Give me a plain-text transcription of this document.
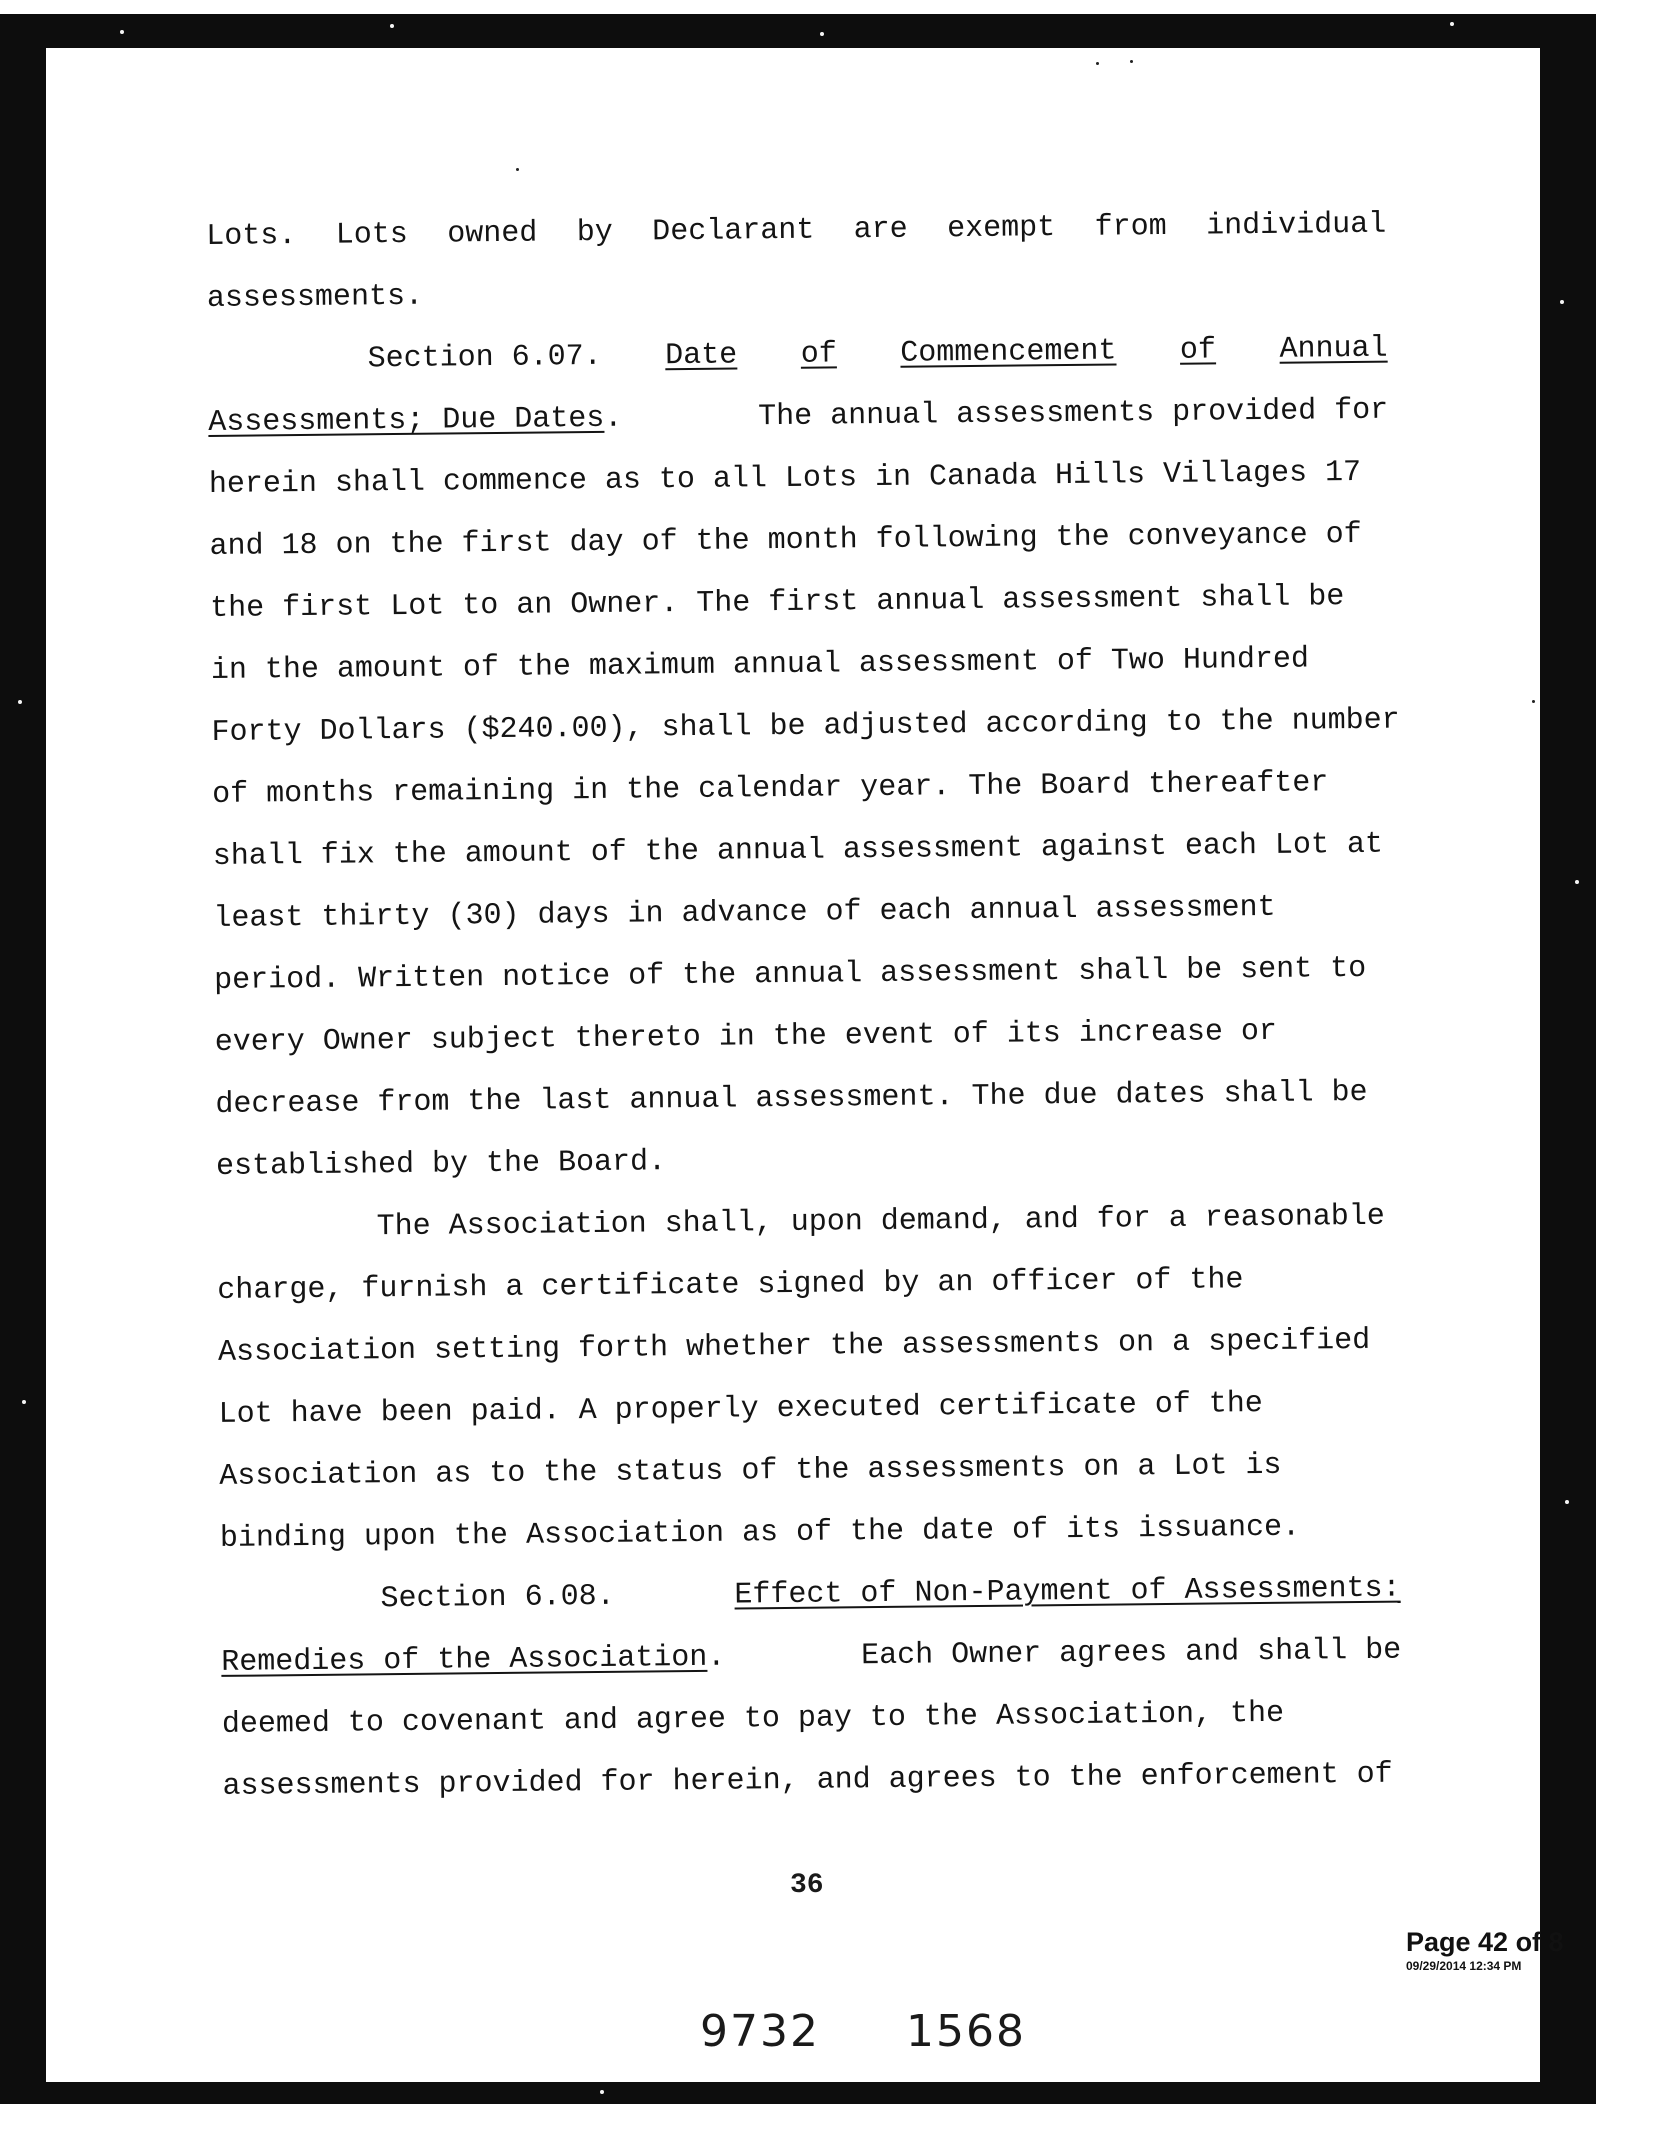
Lots. Lots owned by Declarant are exempt from individual
assessments.
Section 6.07. Date of Commencement of Annual
Assessments; Due Dates.	The annual assessments provided for
herein shall commence as to all Lots in Canada Hills Villages 17
and 18 on the first day of the month following the conveyance of
the first Lot to an Owner. The first annual assessment shall be
in the amount of the maximum annual assessment of Two Hundred
Forty Dollars ($240.00), shall be adjusted according to the number
of months remaining in the calendar year. The Board thereafter
shall fix the amount of the annual assessment against each Lot at
least thirty (30) days in advance of each annual assessment
period. Written notice of the annual assessment shall be sent to
every Owner subject thereto in the event of its increase or
decrease from the last annual assessment. The due dates shall be
established by the Board.
The Association shall, upon demand, and for a reasonable
charge, furnish a certificate signed by an officer of the
Association setting forth whether the assessments on a specified
Lot have been paid. A properly executed certificate of the
Association as to the status of the assessments on a Lot is
binding upon the Association as of the date of its issuance.
Section 6.08.	Effect of Non-Payment of Assessments:
Remedies of the Association.	Each Owner agrees and shall be
deemed to covenant and agree to pay to the Association, the
assessments provided for herein, and agrees to the enforcement of
36
Page 42 of 8
09/29/2014 12:34 PM
9732 1568
